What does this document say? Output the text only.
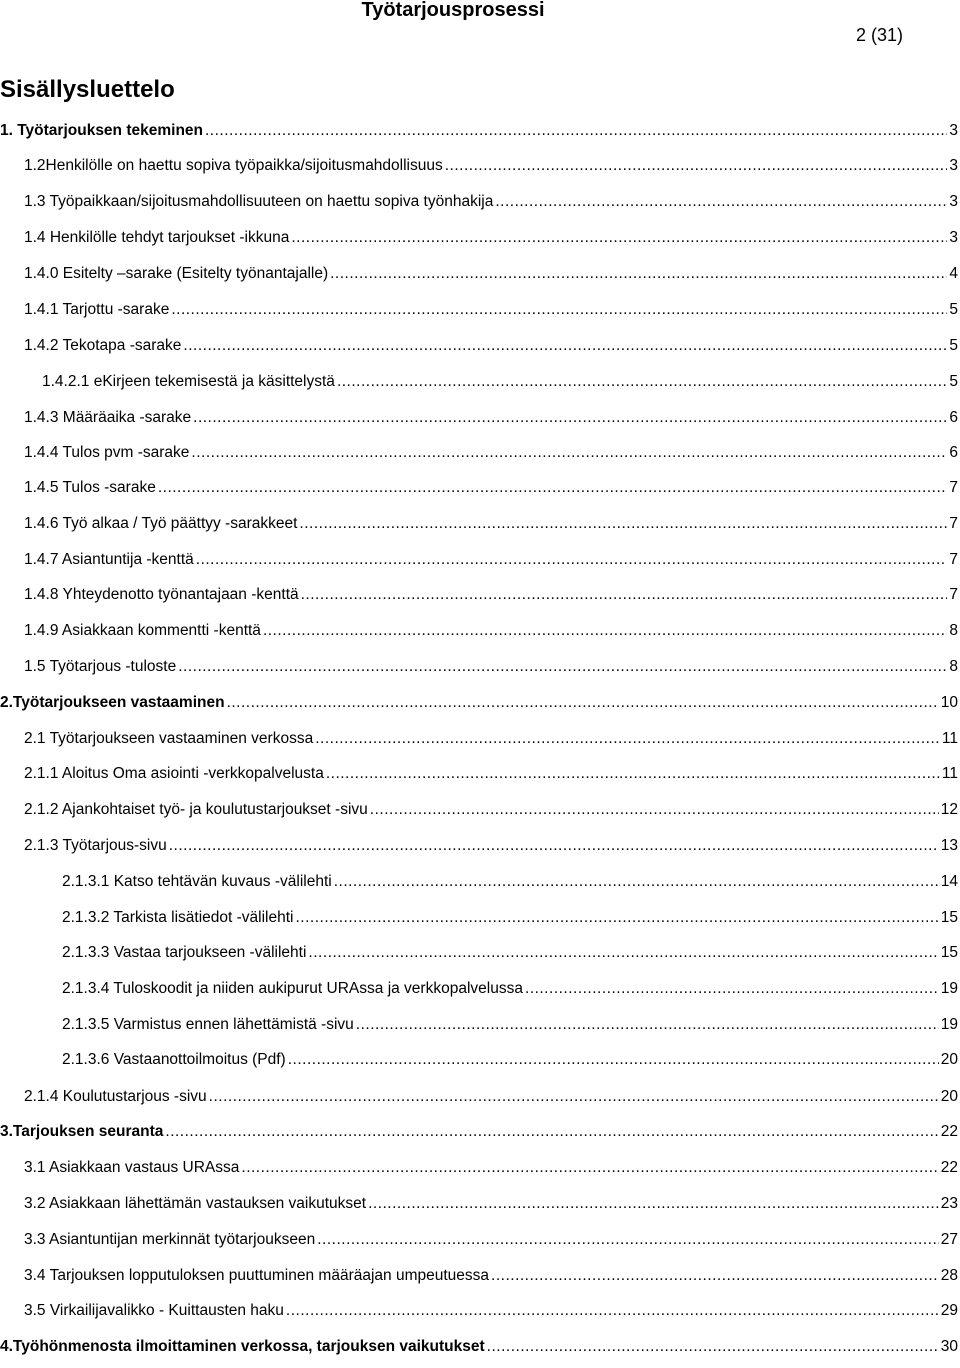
Työtarjousprosessi
2 (31)
Sisällysluettelo
1. Työtarjouksen tekeminen .....	3
1.2Henkilölle on haettu sopiva työpaikka/sijoitusmahdollisuus .....	3
1.3 Työpaikkaan/sijoitusmahdollisuuteen on haettu sopiva työnhakija .....	3
1.4 Henkilölle tehdyt tarjoukset -ikkuna .....	3
1.4.0 Esitelty –sarake (Esitelty työnantajalle) .....	4
1.4.1 Tarjottu -sarake .....	5
1.4.2 Tekotapa -sarake .....	5
1.4.2.1 eKirjeen tekemisestä ja käsittelystä .....	5
1.4.3 Määräaika -sarake .....	6
1.4.4 Tulos pvm -sarake .....	6
1.4.5 Tulos -sarake .....	7
1.4.6 Työ alkaa / Työ päättyy -sarakkeet .....	7
1.4.7 Asiantuntija -kenttä .....	7
1.4.8 Yhteydenotto työnantajaan -kenttä .....	7
1.4.9 Asiakkaan kommentti -kenttä .....	8
1.5 Työtarjous -tuloste .....	8
2.Työtarjoukseen vastaaminen .....	10
2.1 Työtarjoukseen vastaaminen verkossa .....	11
2.1.1 Aloitus Oma asiointi -verkkopalvelusta .....	11
2.1.2 Ajankohtaiset työ- ja koulutustarjoukset -sivu .....	12
2.1.3 Työtarjous-sivu .....	13
2.1.3.1 Katso tehtävän kuvaus -välilehti .....	14
2.1.3.2 Tarkista lisätiedot -välilehti .....	15
2.1.3.3 Vastaa tarjoukseen -välilehti .....	15
2.1.3.4 Tuloskoodit ja niiden aukipurut URAssa ja verkkopalvelussa .....	19
2.1.3.5 Varmistus ennen lähettämistä -sivu .....	19
2.1.3.6 Vastaanottoilmoitus (Pdf) .....	20
2.1.4 Koulutustarjous -sivu .....	20
3.Tarjouksen seuranta .....	22
3.1 Asiakkaan vastaus URAssa .....	22
3.2 Asiakkaan lähettämän vastauksen vaikutukset .....	23
3.3 Asiantuntijan merkinnät työtarjoukseen .....	27
3.4 Tarjouksen lopputuloksen puuttuminen määräajan umpeutuessa .....	28
3.5 Virkailijavalikko - Kuittausten haku .....	29
4.Työhönmenosta ilmoittaminen verkossa, tarjouksen vaikutukset .....	30
